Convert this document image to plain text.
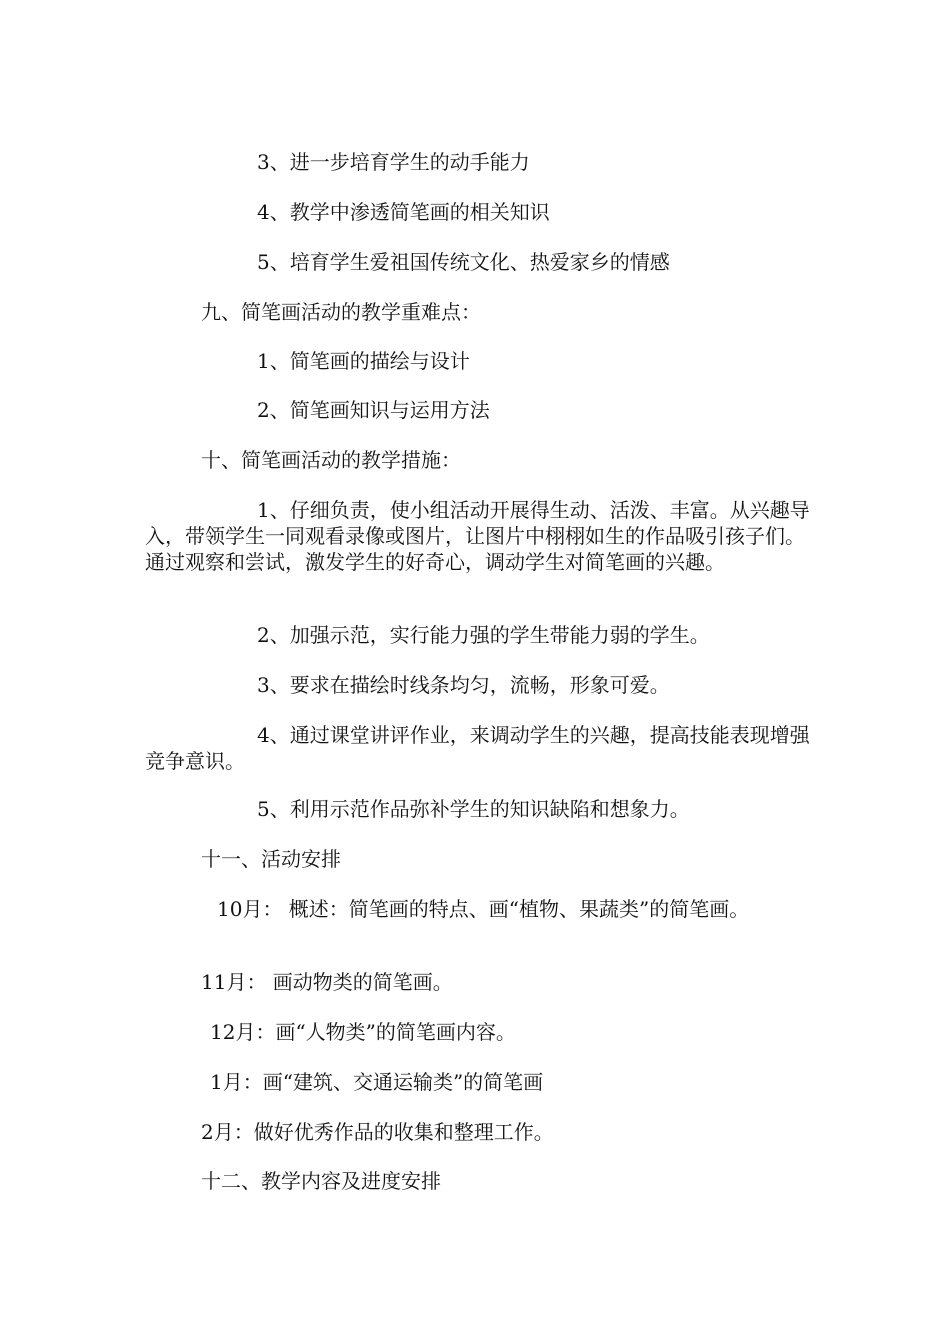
3、进一步培育学生的动手能力
4、教学中渗透简笔画的相关知识
5、培育学生爱祖国传统文化、热爱家乡的情感
九、简笔画活动的教学重难点：
1、简笔画的描绘与设计
2、简笔画知识与运用方法
十、简笔画活动的教学措施：
1、仔细负责，使小组活动开展得生动、活泼、丰富。从兴趣导入，带领学生一同观看录像或图片，让图片中栩栩如生的作品吸引孩子们。通过观察和尝试，激发学生的好奇心，调动学生对简笔画的兴趣。
2、加强示范，实行能力强的学生带能力弱的学生。
3、要求在描绘时线条均匀，流畅，形象可爱。
4、通过课堂讲评作业，来调动学生的兴趣，提高技能表现增强竞争意识。
5、利用示范作品弥补学生的知识缺陷和想象力。
十一、活动安排
10月： 概述：简笔画的特点、画“植物、果蔬类”的简笔画。
11月： 画动物类的简笔画。
12月：画“人物类”的简笔画内容。
1月：画“建筑、交通运输类”的简笔画
2月：做好优秀作品的收集和整理工作。
十二、教学内容及进度安排
